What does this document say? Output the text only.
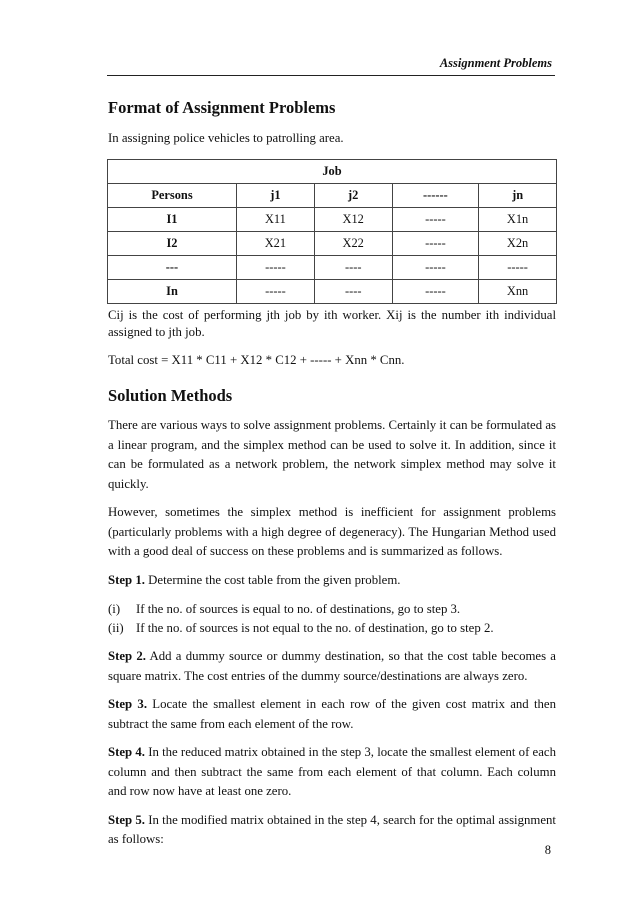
Assignment Problems
Format of Assignment Problems

In assigning police vehicles to patrolling area.

Job				
Persons	j1	j2	------	jn
I1	X11	X12	-----	X1n
I2	X21	X22	-----	X2n
---	-----	----	-----	-----
In	-----	----	-----	Xnn

Cij is the cost of performing jth job by ith worker. Xij is the number ith individual assigned to jth job.

Total cost = X11 * C11 + X12 * C12 + ----- + Xnn * Cnn.

Solution Methods

There are various ways to solve assignment problems. Certainly it can be formulated as a linear program, and the simplex method can be used to solve it. In addition, since it can be formulated as a network problem, the network simplex method may solve it quickly.

However, sometimes the simplex method is inefficient for assignment problems (particularly problems with a high degree of degeneracy). The Hungarian Method used with a good deal of success on these problems and is summarized as follows.

Step 1. Determine the cost table from the given problem.

(i)	If the no. of sources is equal to no. of destinations, go to step 3.
(ii) If the no. of sources is not equal to the no. of destination, go to step 2.

Step 2. Add a dummy source or dummy destination, so that the cost table becomes a square matrix. The cost entries of the dummy source/destinations are always zero.

Step 3. Locate the smallest element in each row of the given cost matrix and then subtract the same from each element of the row.

Step 4. In the reduced matrix obtained in the step 3, locate the smallest element of each column and then subtract the same from each element of that column. Each column and row now have at least one zero.

Step 5. In the modified matrix obtained in the step 4, search for the optimal assignment as follows:

8
